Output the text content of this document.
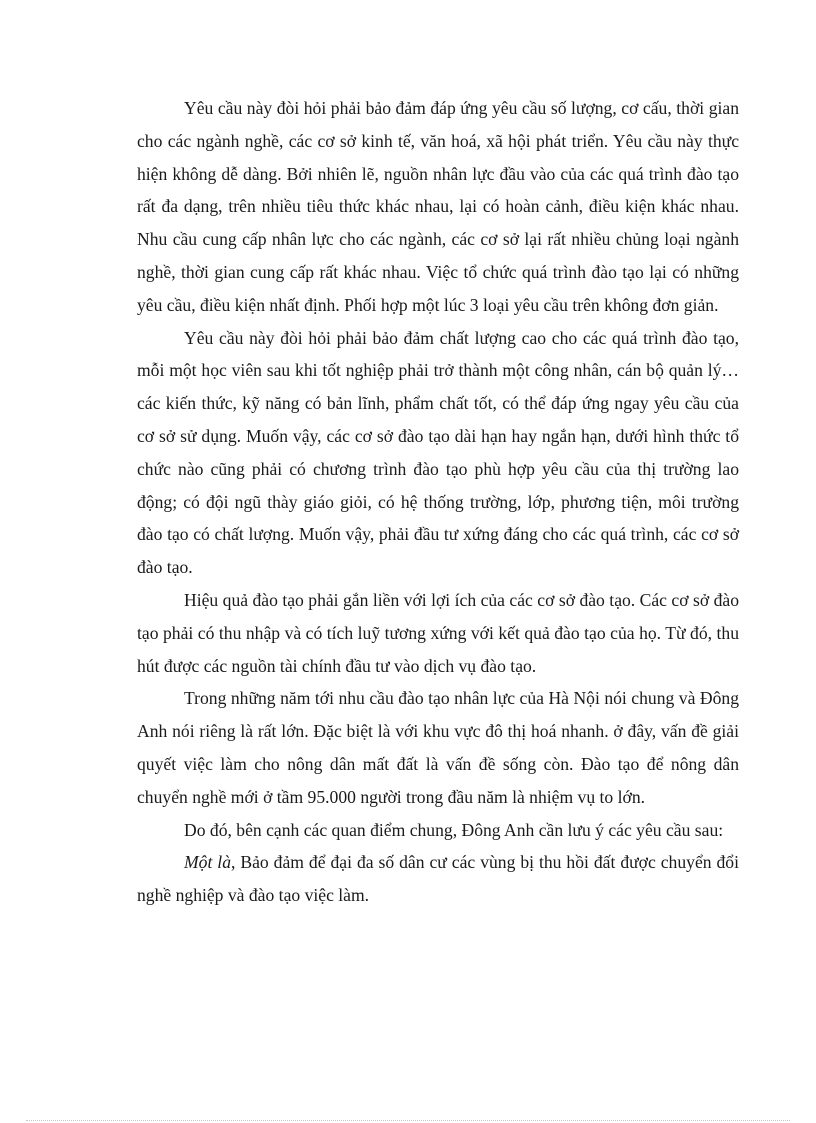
Yêu cầu này đòi hỏi phải bảo đảm đáp ứng yêu cầu số lượng, cơ cấu, thời gian cho các ngành nghề, các cơ sở kinh tế, văn hoá, xã hội phát triển. Yêu cầu này thực hiện không dễ dàng. Bởi nhiên lẽ, nguồn nhân lực đầu vào của các quá trình đào tạo rất đa dạng, trên nhiều tiêu thức khác nhau, lại có hoàn cảnh, điều kiện khác nhau. Nhu cầu cung cấp nhân lực cho các ngành, các cơ sở lại rất nhiều chủng loại ngành nghề, thời gian cung cấp rất khác nhau. Việc tổ chức quá trình đào tạo lại có những yêu cầu, điều kiện nhất định. Phối hợp một lúc 3 loại yêu cầu trên không đơn giản.

Yêu cầu này đòi hỏi phải bảo đảm chất lượng cao cho các quá trình đào tạo, mỗi một học viên sau khi tốt nghiệp phải trở thành một công nhân, cán bộ quản lý… các kiến thức, kỹ năng có bản lĩnh, phẩm chất tốt, có thể đáp ứng ngay yêu cầu của cơ sở sử dụng. Muốn vậy, các cơ sở đào tạo dài hạn hay ngắn hạn, dưới hình thức tổ chức nào cũng phải có chương trình đào tạo phù hợp yêu cầu của thị trường lao động; có đội ngũ thày giáo giỏi, có hệ thống trường, lớp, phương tiện, môi trường đào tạo có chất lượng. Muốn vậy, phải đầu tư xứng đáng cho các quá trình, các cơ sở đào tạo.

Hiệu quả đào tạo phải gắn liền với lợi ích của các cơ sở đào tạo. Các cơ sở đào tạo phải có thu nhập và có tích luỹ tương xứng với kết quả đào tạo của họ. Từ đó, thu hút được các nguồn tài chính đầu tư vào dịch vụ đào tạo.

Trong những năm tới nhu cầu đào tạo nhân lực của Hà Nội nói chung và Đông Anh nói riêng là rất lớn. Đặc biệt là với khu vực đô thị hoá nhanh. ở đây, vấn đề giải quyết việc làm cho nông dân mất đất là vấn đề sống còn. Đào tạo để nông dân chuyển nghề mới ở tầm 95.000 người trong đầu năm là nhiệm vụ to lớn.

Do đó, bên cạnh các quan điểm chung, Đông Anh cần lưu ý các yêu cầu sau:

Một là, Bảo đảm để đại đa số dân cư các vùng bị thu hồi đất được chuyển đổi nghề nghiệp và đào tạo việc làm.
